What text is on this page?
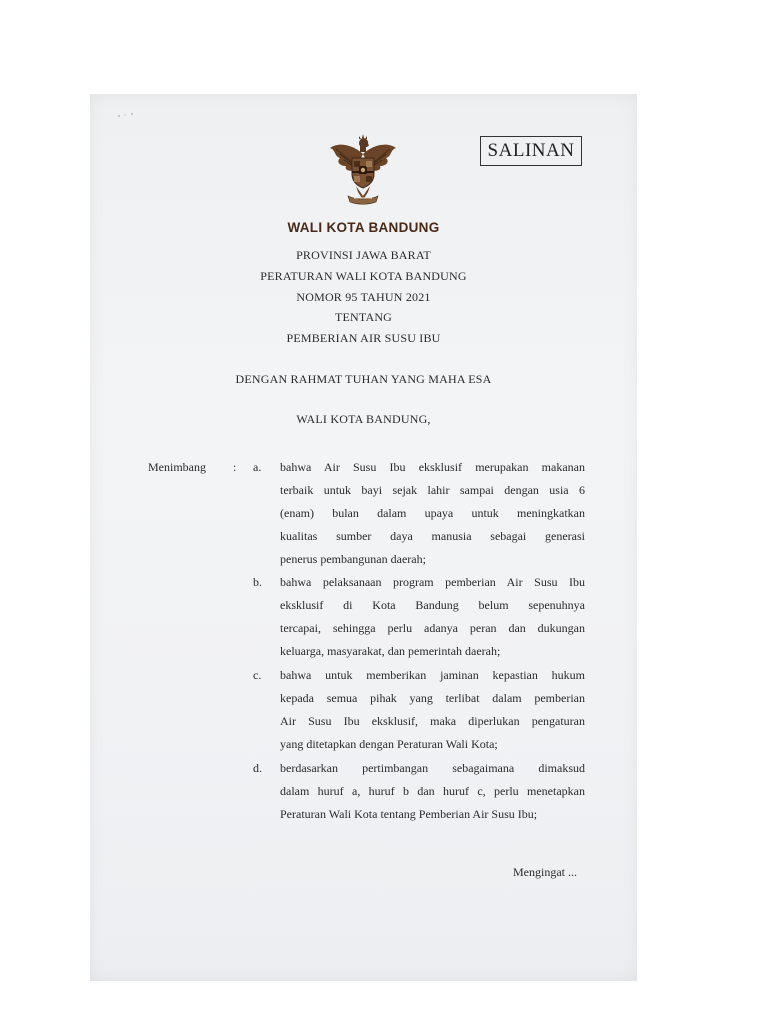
SALINAN
WALI KOTA BANDUNG
PROVINSI JAWA BARAT
PERATURAN WALI KOTA BANDUNG
NOMOR 95 TAHUN 2021
TENTANG
PEMBERIAN AIR SUSU IBU
DENGAN RAHMAT TUHAN YANG MAHA ESA
WALI KOTA BANDUNG,
Menimbang : a. bahwa Air Susu Ibu eksklusif merupakan makanan
terbaik untuk bayi sejak lahir sampai dengan usia 6
(enam) bulan dalam upaya untuk meningkatkan
kualitas sumber daya manusia sebagai generasi
penerus pembangunan daerah;
b. bahwa pelaksanaan program pemberian Air Susu Ibu
eksklusif di Kota Bandung belum sepenuhnya
tercapai, sehingga perlu adanya peran dan dukungan
keluarga, masyarakat, dan pemerintah daerah;
c. bahwa untuk memberikan jaminan kepastian hukum
kepada semua pihak yang terlibat dalam pemberian
Air Susu Ibu eksklusif, maka diperlukan pengaturan
yang ditetapkan dengan Peraturan Wali Kota;
d. berdasarkan pertimbangan sebagaimana dimaksud
dalam huruf a, huruf b dan huruf c, perlu menetapkan
Peraturan Wali Kota tentang Pemberian Air Susu Ibu;
Mengingat ...
